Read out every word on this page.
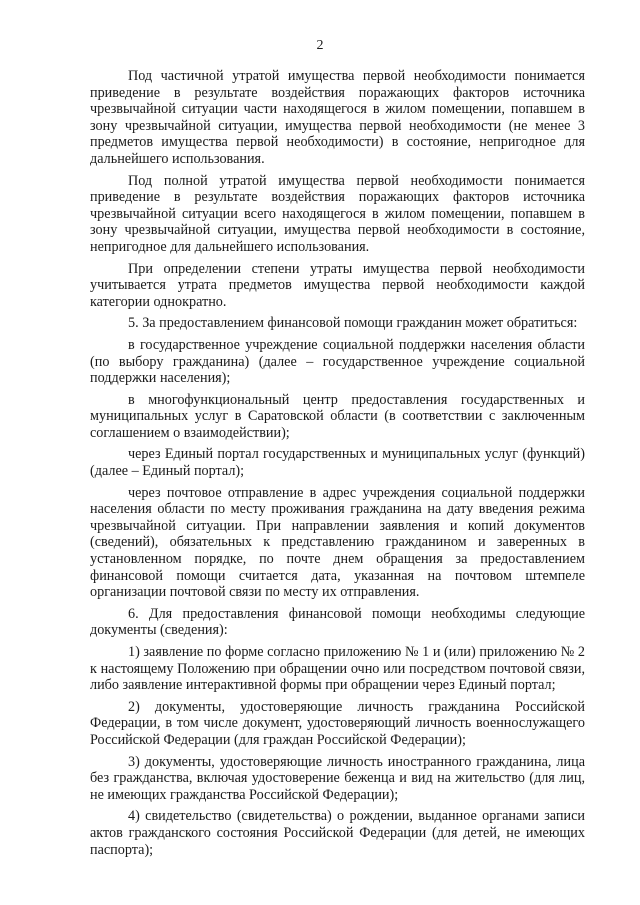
2

Под частичной утратой имущества первой необходимости понимается приведение в результате воздействия поражающих факторов источника чрезвычайной ситуации части находящегося в жилом помещении, попавшем в зону чрезвычайной ситуации, имущества первой необходимости (не менее 3 предметов имущества первой необходимости) в состояние, непригодное для дальнейшего использования.

Под полной утратой имущества первой необходимости понимается приведение в результате воздействия поражающих факторов источника чрезвычайной ситуации всего находящегося в жилом помещении, попавшем в зону чрезвычайной ситуации, имущества первой необходимости в состояние, непригодное для дальнейшего использования.

При определении степени утраты имущества первой необходимости учитывается утрата предметов имущества первой необходимости каждой категории однократно.

5. За предоставлением финансовой помощи гражданин может обратиться:

в государственное учреждение социальной поддержки населения области (по выбору гражданина) (далее – государственное учреждение социальной поддержки населения);

в многофункциональный центр предоставления государственных и муниципальных услуг в Саратовской области (в соответствии с заключенным соглашением о взаимодействии);

через Единый портал государственных и муниципальных услуг (функций) (далее – Единый портал);

через почтовое отправление в адрес учреждения социальной поддержки населения области по месту проживания гражданина на дату введения режима чрезвычайной ситуации. При направлении заявления и копий документов (сведений), обязательных к представлению гражданином и заверенных в установленном порядке, по почте днем обращения за предоставлением финансовой помощи считается дата, указанная на почтовом штемпеле организации почтовой связи по месту их отправления.

6. Для предоставления финансовой помощи необходимы следующие документы (сведения):

1) заявление по форме согласно приложению № 1 и (или) приложению № 2 к настоящему Положению при обращении очно или посредством почтовой связи, либо заявление интерактивной формы при обращении через Единый портал;

2) документы, удостоверяющие личность гражданина Российской Федерации, в том числе документ, удостоверяющий личность военнослужащего Российской Федерации (для граждан Российской Федерации);

3) документы, удостоверяющие личность иностранного гражданина, лица без гражданства, включая удостоверение беженца и вид на жительство (для лиц, не имеющих гражданства Российской Федерации);

4) свидетельство (свидетельства) о рождении, выданное органами записи актов гражданского состояния Российской Федерации (для детей, не имеющих паспорта);
